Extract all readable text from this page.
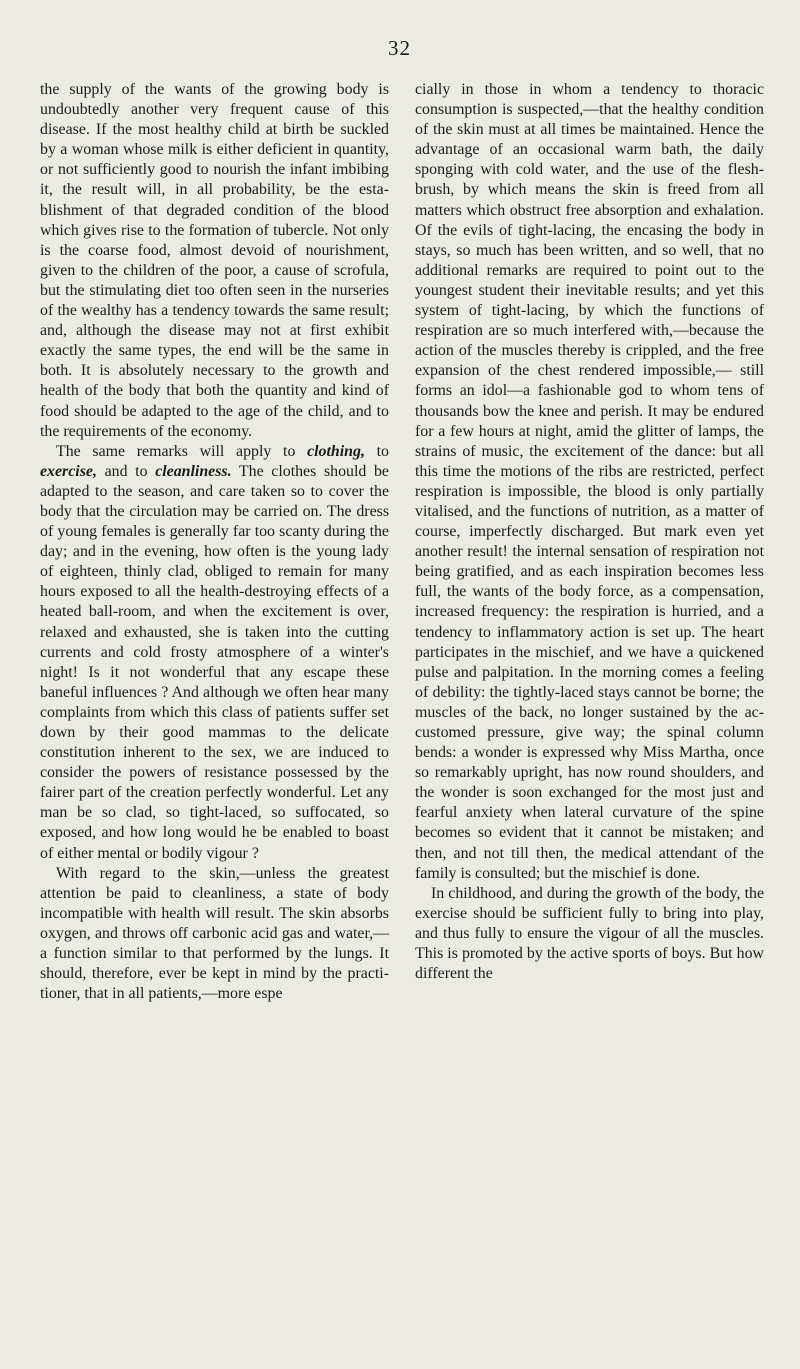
32

the supply of the wants of the growing body is undoubtedly another very frequent cause of this disease. If the most healthy child at birth be suckled by a woman whose milk is either deficient in quantity, or not sufficiently good to nourish the infant imbibing it, the result will, in all probability, be the establishment of that degraded condition of the blood which gives rise to the formation of tubercle. Not only is the coarse food, almost devoid of nourishment, given to the children of the poor, a cause of scrofula, but the stimulating diet too often seen in the nurseries of the wealthy has a tendency towards the same result; and, although the disease may not at first exhibit exactly the same types, the end will be the same in both. It is absolutely necessary to the growth and health of the body that both the quantity and kind of food should be adapted to the age of the child, and to the requirements of the economy.

The same remarks will apply to clothing, to exercise, and to cleanliness. The clothes should be adapted to the season, and care taken so to cover the body that the circulation may be carried on. The dress of young females is generally far too scanty during the day; and in the evening, how often is the young lady of eighteen, thinly clad, obliged to remain for many hours exposed to all the health-destroying effects of a heated ball-room, and when the excitement is over, relaxed and exhausted, she is taken into the cutting currents and cold frosty atmosphere of a winter's night! Is it not wonderful that any escape these baneful influences ? And although we often hear many complaints from which this class of patients suffer set down by their good mammas to the delicate constitution inherent to the sex, we are induced to consider the powers of resistance possessed by the fairer part of the creation perfectly wonderful. Let any man be so clad, so tight-laced, so suffocated, so exposed, and how long would he be enabled to boast of either mental or bodily vigour ?

With regard to the skin,—unless the greatest attention be paid to cleanliness, a state of body incompatible with health will result. The skin absorbs oxygen, and throws off carbonic acid gas and water,—a function similar to that performed by the lungs. It should, therefore, ever be kept in mind by the practitioner, that in all patients,—more espe

cially in those in whom a tendency to thoracic consumption is suspected,—that the healthy condition of the skin must at all times be maintained. Hence the advantage of an occasional warm bath, the daily sponging with cold water, and the use of the flesh-brush, by which means the skin is freed from all matters which obstruct free absorption and exhalation. Of the evils of tight-lacing, the encasing the body in stays, so much has been written, and so well, that no additional remarks are required to point out to the youngest student their inevitable results; and yet this system of tight-lacing, by which the functions of respiration are so much interfered with,—because the action of the muscles thereby is crippled, and the free expansion of the chest rendered impossible,— still forms an idol—a fashionable god to whom tens of thousands bow the knee and perish. It may be endured for a few hours at night, amid the glitter of lamps, the strains of music, the excitement of the dance: but all this time the motions of the ribs are restricted, perfect respiration is impossible, the blood is only partially vitalised, and the functions of nutrition, as a matter of course, imperfectly discharged. But mark even yet another result! the internal sensation of respiration not being gratified, and as each inspiration becomes less full, the wants of the body force, as a compensation, increased frequency: the respiration is hurried, and a tendency to inflammatory action is set up. The heart participates in the mischief, and we have a quickened pulse and palpitation. In the morning comes a feeling of debility: the tightly-laced stays cannot be borne; the muscles of the back, no longer sustained by the accustomed pressure, give way; the spinal column bends: a wonder is expressed why Miss Martha, once so remarkably upright, has now round shoulders, and the wonder is soon exchanged for the most just and fearful anxiety when lateral curvature of the spine becomes so evident that it cannot be mistaken; and then, and not till then, the medical attendant of the family is consulted; but the mischief is done.

In childhood, and during the growth of the body, the exercise should be sufficient fully to bring into play, and thus fully to ensure the vigour of all the muscles. This is promoted by the active sports of boys. But how different the
